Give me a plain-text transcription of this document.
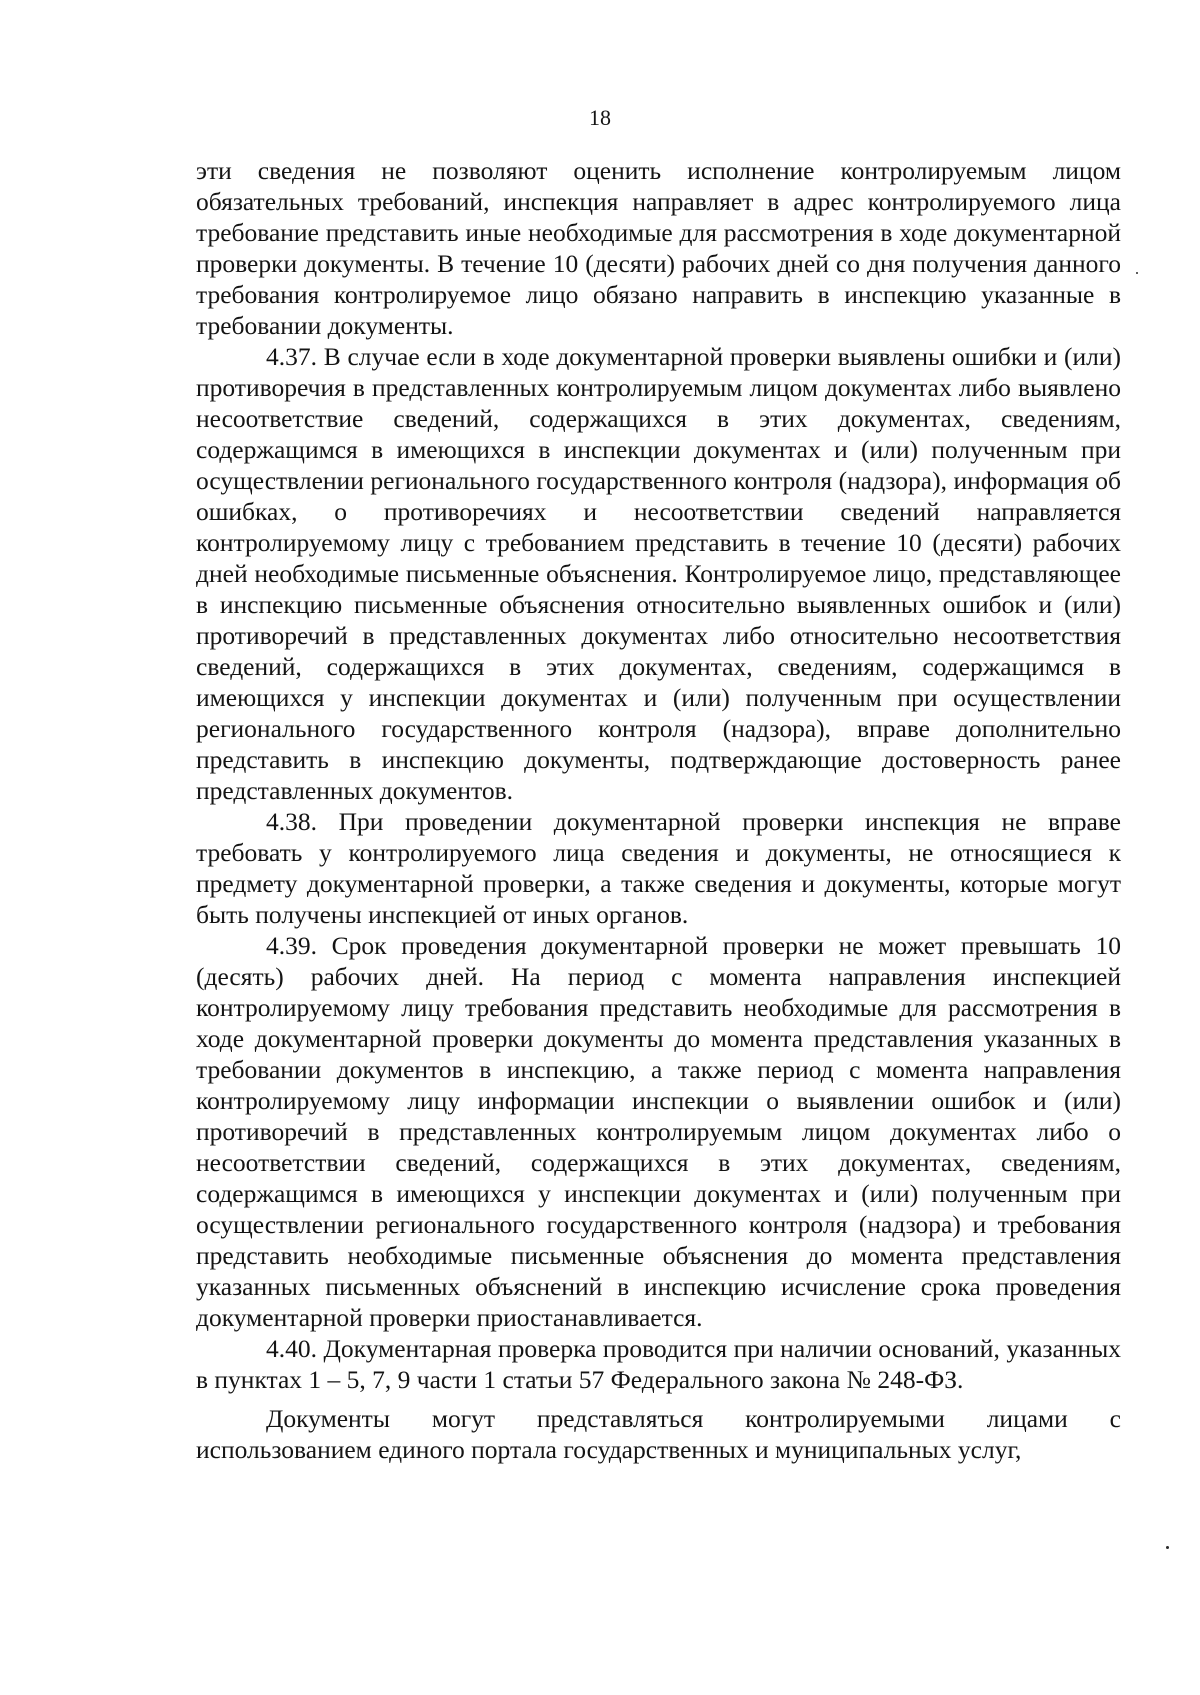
18

эти сведения не позволяют оценить исполнение контролируемым лицом обязательных требований, инспекция направляет в адрес контролируемого лица требование представить иные необходимые для рассмотрения в ходе документарной проверки документы. В течение 10 (десяти) рабочих дней со дня получения данного требования контролируемое лицо обязано направить в инспекцию указанные в требовании документы.

4.37. В случае если в ходе документарной проверки выявлены ошибки и (или) противоречия в представленных контролируемым лицом документах либо выявлено несоответствие сведений, содержащихся в этих документах, сведениям, содержащимся в имеющихся в инспекции документах и (или) полученным при осуществлении регионального государственного контроля (надзора), информация об ошибках, о противоречиях и несоответствии сведений направляется контролируемому лицу с требованием представить в течение 10 (десяти) рабочих дней необходимые письменные объяснения. Контролируемое лицо, представляющее в инспекцию письменные объяснения относительно выявленных ошибок и (или) противоречий в представленных документах либо относительно несоответствия сведений, содержащихся в этих документах, сведениям, содержащимся в имеющихся у инспекции документах и (или) полученным при осуществлении регионального государственного контроля (надзора), вправе дополнительно представить в инспекцию документы, подтверждающие достоверность ранее представленных документов.

4.38. При проведении документарной проверки инспекция не вправе требовать у контролируемого лица сведения и документы, не относящиеся к предмету документарной проверки, а также сведения и документы, которые могут быть получены инспекцией от иных органов.

4.39. Срок проведения документарной проверки не может превышать 10 (десять) рабочих дней. На период с момента направления инспекцией контролируемому лицу требования представить необходимые для рассмотрения в ходе документарной проверки документы до момента представления указанных в требовании документов в инспекцию, а также период с момента направления контролируемому лицу информации инспекции о выявлении ошибок и (или) противоречий в представленных контролируемым лицом документах либо о несоответствии сведений, содержащихся в этих документах, сведениям, содержащимся в имеющихся у инспекции документах и (или) полученным при осуществлении регионального государственного контроля (надзора) и требования представить необходимые письменные объяснения до момента представления указанных письменных объяснений в инспекцию исчисление срока проведения документарной проверки приостанавливается.

4.40. Документарная проверка проводится при наличии оснований, указанных в пунктах 1 – 5, 7, 9 части 1 статьи 57 Федерального закона № 248-ФЗ.

Документы могут представляться контролируемыми лицами с использованием единого портала государственных и муниципальных услуг,
